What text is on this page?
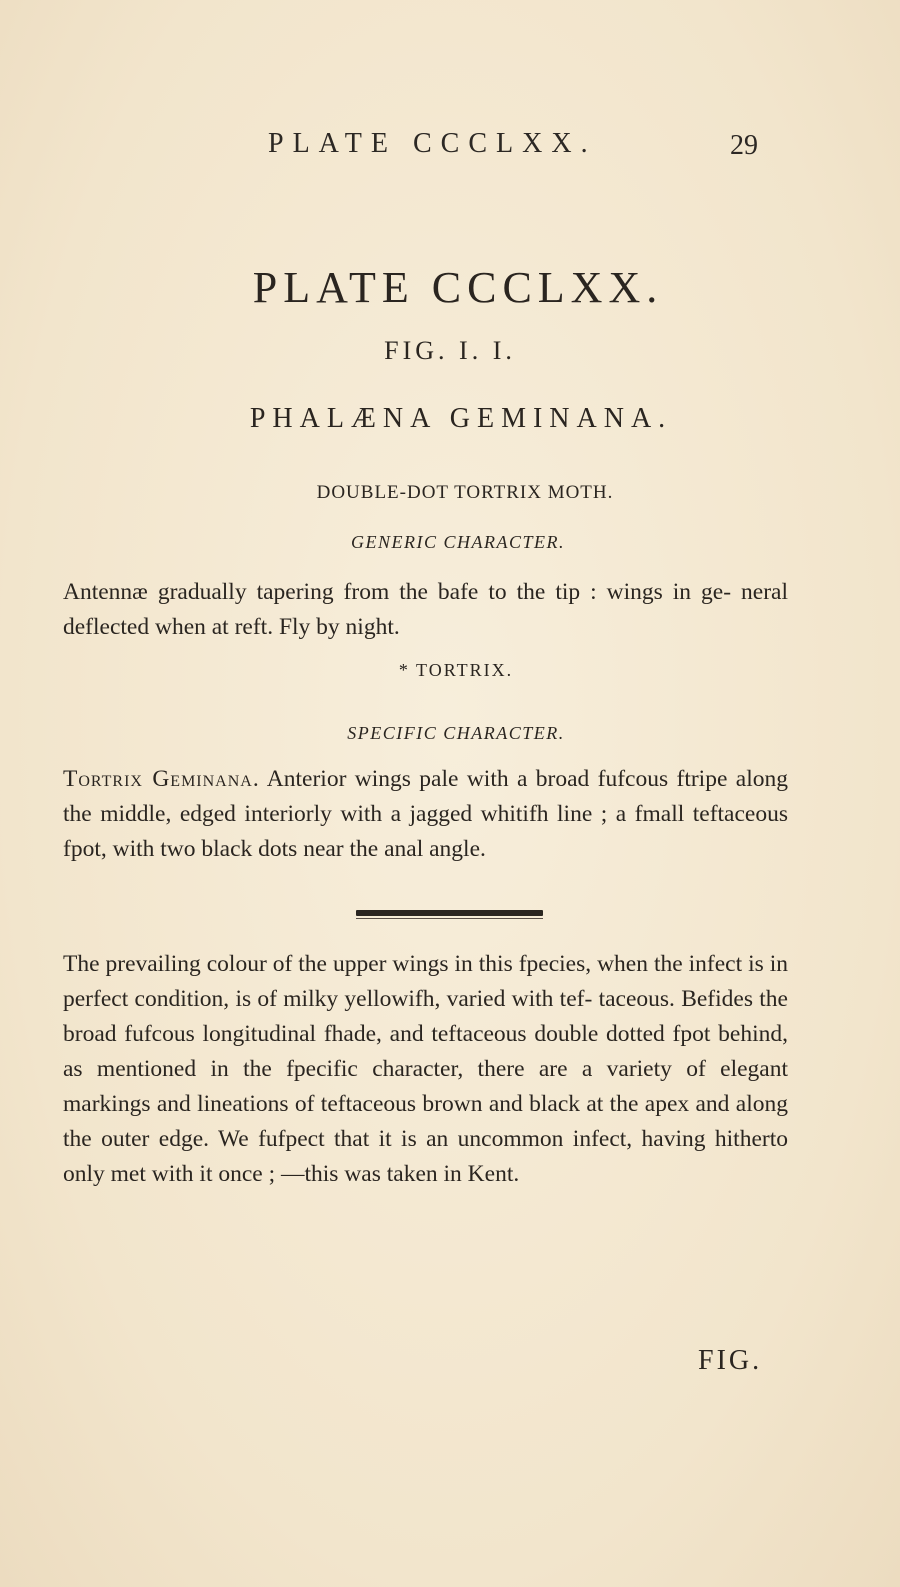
PLATE CCCLXX.	29
PLATE CCCLXX.
FIG. I. I.
PHALÆNA GEMINANA.
DOUBLE-DOT TORTRIX MOTH.
GENERIC CHARACTER.

Antennæ gradually tapering from the bafe to the tip : wings in ge- neral deflected when at reft. Fly by night.

* TORTRIX.
SPECIFIC CHARACTER.

Tortrix Geminana. Anterior wings pale with a broad fufcous ftripe along the middle, edged interiorly with a jagged whitifh line ; a fmall teftaceous fpot, with two black dots near the anal angle.

The prevailing colour of the upper wings in this fpecies, when the infect is in perfect condition, is of milky yellowifh, varied with tef- taceous. Befides the broad fufcous longitudinal fhade, and teftaceous double dotted fpot behind, as mentioned in the fpecific character, there are a variety of elegant markings and lineations of teftaceous brown and black at the apex and along the outer edge. We fufpect that it is an uncommon infect, having hitherto only met with it once ; —this was taken in Kent.

FIG.
